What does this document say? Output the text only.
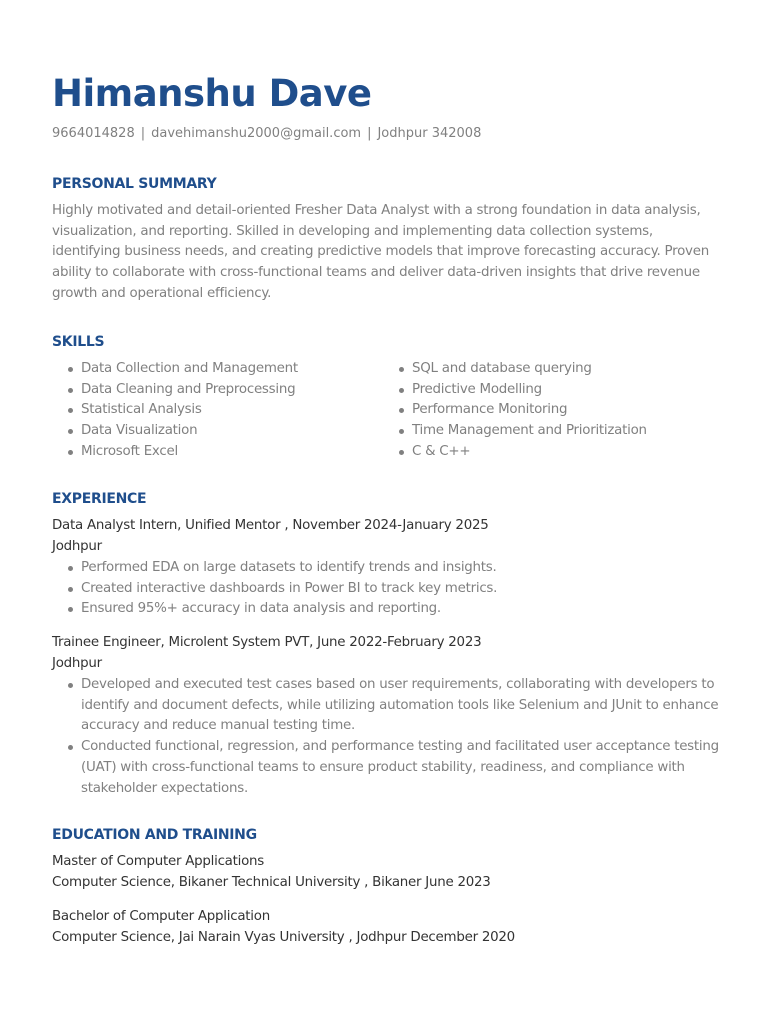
Himanshu Dave
9664014828 | davehimanshu2000@gmail.com | Jodhpur 342008
PERSONAL SUMMARY

Highly motivated and detail-oriented Fresher Data Analyst with a strong foundation in data analysis, visualization, and reporting. Skilled in developing and implementing data collection systems, identifying business needs, and creating predictive models that improve forecasting accuracy. Proven ability to collaborate with cross-functional teams and deliver data-driven insights that drive revenue growth and operational efficiency.

SKILLS
Data Collection and Management
Data Cleaning and Preprocessing
Statistical Analysis
Data Visualization
Microsoft Excel
SQL and database querying
Predictive Modelling
Performance Monitoring
Time Management and Prioritization
C & C++
EXPERIENCE
Data Analyst Intern, Unified Mentor , November 2024-January 2025
Jodhpur
Performed EDA on large datasets to identify trends and insights.
Created interactive dashboards in Power BI to track key metrics.
Ensured 95%+ accuracy in data analysis and reporting.
Trainee Engineer, Microlent System PVT, June 2022-February 2023
Jodhpur
Developed and executed test cases based on user requirements, collaborating with developers to identify and document defects, while utilizing automation tools like Selenium and JUnit to enhance accuracy and reduce manual testing time.
Conducted functional, regression, and performance testing and facilitated user acceptance testing (UAT) with cross-functional teams to ensure product stability, readiness, and compliance with stakeholder expectations.
EDUCATION AND TRAINING
Master of Computer Applications
Computer Science, Bikaner Technical University , Bikaner June 2023
Bachelor of Computer Application
Computer Science, Jai Narain Vyas University , Jodhpur December 2020
